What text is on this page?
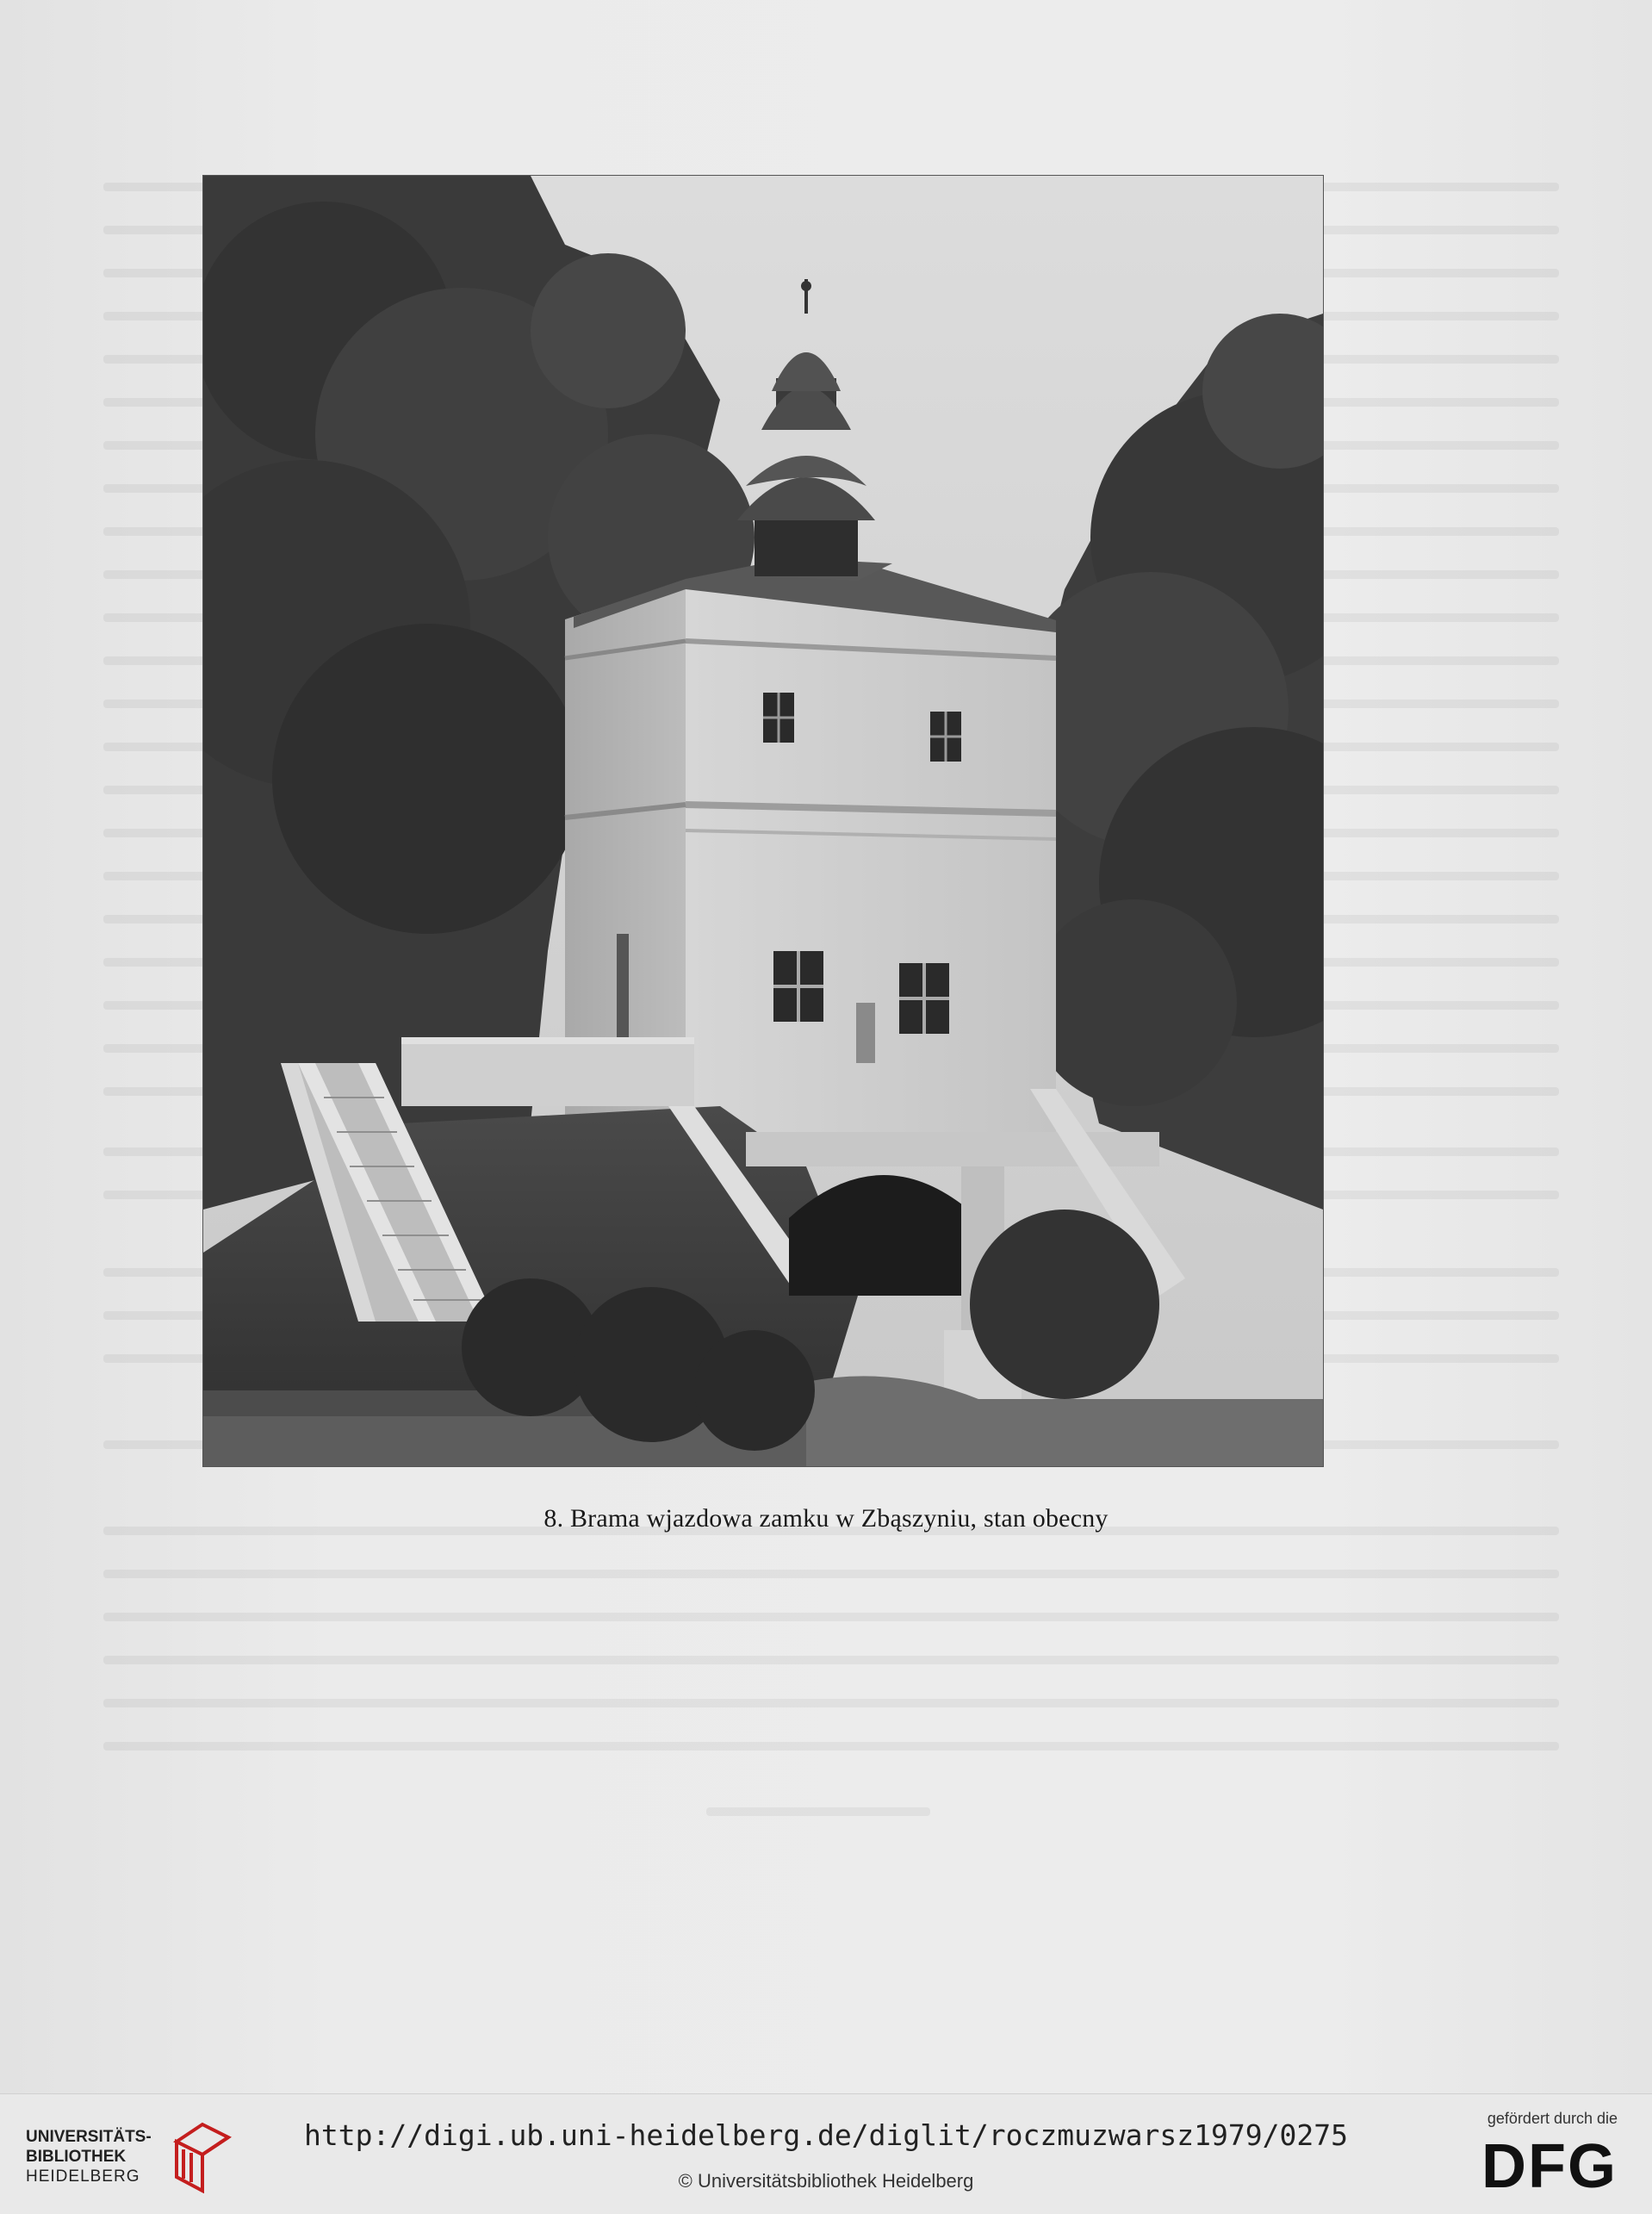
8. Brama wjazdowa zamku w Zbąszyniu, stan obecny
UNIVERSITÄTS-
BIBLIOTHEK
HEIDELBERG
http://digi.ub.uni-heidelberg.de/diglit/roczmuzwarsz1979/0275
© Universitätsbibliothek Heidelberg
gefördert durch die
DFG
